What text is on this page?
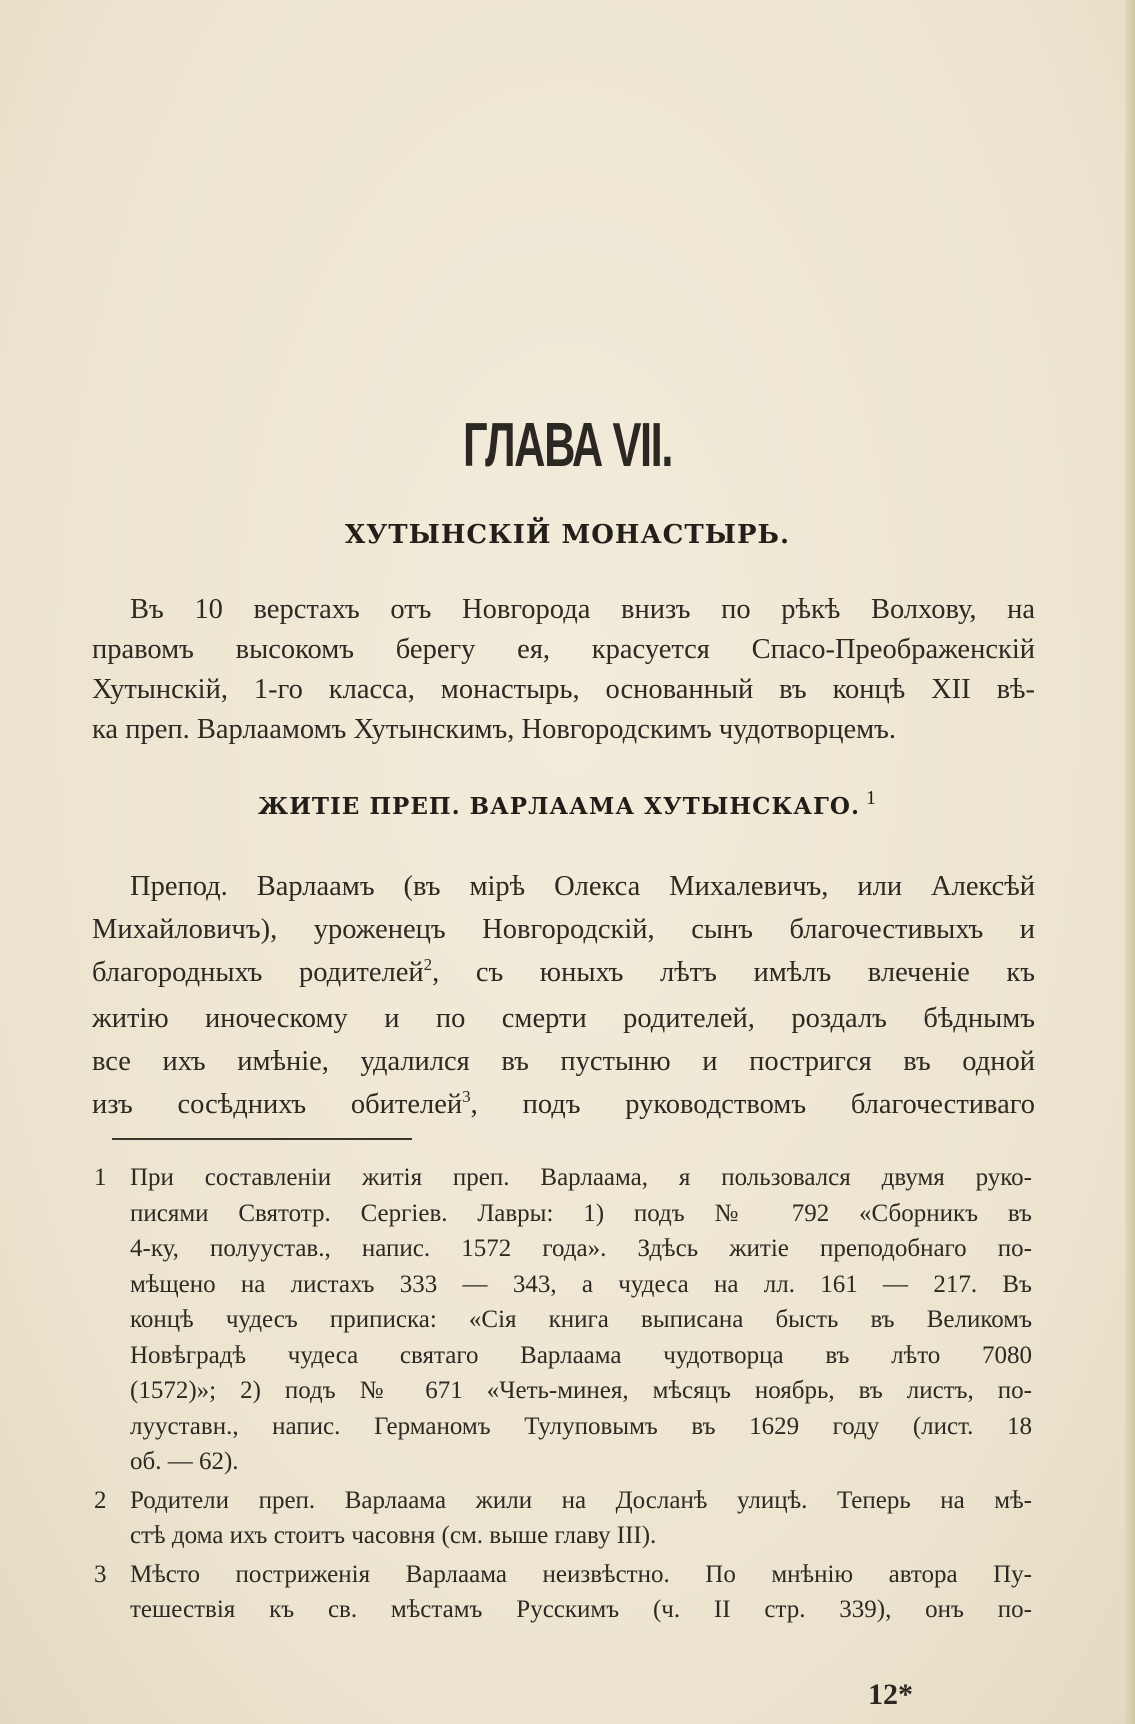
ГЛАВА VII.
ХУТЫНСКІЙ МОНАСТЫРЬ.
Въ 10 верстахъ отъ Новгорода внизъ по рѣкѣ Волхову, на
правомъ высокомъ берегу ея, красуется Спасо-Преображенскій
Хутынскій, 1-го класса, монастырь, основанный въ концѣ XII вѣ-
ка преп. Варлаамомъ Хутынскимъ, Новгородскимъ чудотворцемъ.
ЖИТІЕ ПРЕП. ВАРЛААМА ХУТЫНСКАГО. $^1$
Препод. Варлаамъ (въ мірѣ Олекса Михалевичъ, или Алексѣй
Михайловичъ), уроженецъ Новгородскій, сынъ благочестивыхъ и
благородныхъ родителей$^2$, съ юныхъ лѣтъ имѣлъ влеченіе къ
житію иноческому и по смерти родителей, роздалъ бѣднымъ
все ихъ имѣніе, удалился въ пустыню и постригся въ одной
изъ сосѣднихъ обителей$^3$, подъ руководствомъ благочестиваго
1 При составленіи житія преп. Варлаама, я пользовался двумя руко-
писями Святотр. Сергіев. Лавры: 1) подъ № 792 «Сборникъ въ
4-ку, полуустав., напис. 1572 года». Здѣсь житіе преподобнаго по-
мѣщено на листахъ 333 — 343, а чудеса на лл. 161 — 217. Въ
концѣ чудесъ приписка: «Сія книга выписана бысть въ Великомъ
Новѣградѣ чудеса святаго Варлаама чудотворца въ лѣто 7080
(1572)»; 2) подъ № 671 «Четь-минея, мѣсяцъ ноябрь, въ листъ, по-
лууставн., напис. Германомъ Тулуповымъ въ 1629 году (лист. 18
об. — 62).
2 Родители преп. Варлаама жили на Досланѣ улицѣ. Теперь на мѣ-
стѣ дома ихъ стоитъ часовня (см. выше главу III).
3 Мѣсто постриженія Варлаама неизвѣстно. По мнѣнію автора Пу-
тешествія къ св. мѣстамъ Русскимъ (ч. II стр. 339), онъ по-
12*
